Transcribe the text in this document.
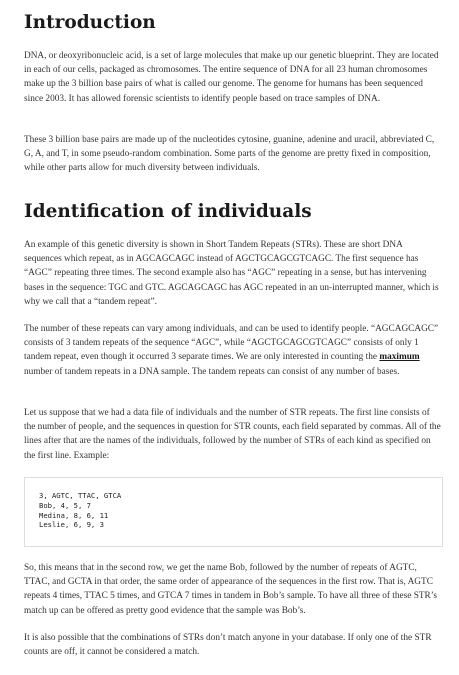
Introduction

DNA, or deoxyribonucleic acid, is a set of large molecules that make up our genetic blueprint. They are located in each of our cells, packaged as chromosomes. The entire sequence of DNA for all 23 human chromosomes make up the 3 billion base pairs of what is called our genome. The genome for humans has been sequenced since 2003. It has allowed forensic scientists to identify people based on trace samples of DNA.

These 3 billion base pairs are made up of the nucleotides cytosine, guanine, adenine and uracil, abbreviated C, G, A, and T, in some pseudo-random combination. Some parts of the genome are pretty fixed in composition, while other parts allow for much diversity between individuals.

Identification of individuals

An example of this genetic diversity is shown in Short Tandem Repeats (STRs). These are short DNA sequences which repeat, as in AGCAGCAGC instead of AGCTGCAGCGTCAGC. The first sequence has “AGC” repeating three times. The second example also has “AGC” repeating in a sense, but has intervening bases in the sequence: TGC and GTC. AGCAGCAGC has AGC repeated in an un-interrupted manner, which is why we call that a “tandem repeat”.

The number of these repeats can vary among individuals, and can be used to identify people. “AGCAGCAGC” consists of 3 tandem repeats of the sequence “AGC”, while “AGCTGCAGCGTCAGC” consists of only 1 tandem repeat, even though it occurred 3 separate times. We are only interested in counting the maximum number of tandem repeats in a DNA sample. The tandem repeats can consist of any number of bases.

Let us suppose that we had a data file of individuals and the number of STR repeats. The first line consists of the number of people, and the sequences in question for STR counts, each field separated by commas. All of the lines after that are the names of the individuals, followed by the number of STRs of each kind as specified on the first line. Example:

3, AGTC, TTAC, GTCA
Bob, 4, 5, 7
Medina, 8, 6, 11
Leslie, 6, 9, 3

So, this means that in the second row, we get the name Bob, followed by the number of repeats of AGTC, TTAC, and GCTA in that order, the same order of appearance of the sequences in the first row. That is, AGTC repeats 4 times, TTAC 5 times, and GTCA 7 times in tandem in Bob’s sample. To have all three of these STR’s match up can be offered as pretty good evidence that the sample was Bob’s.

It is also possible that the combinations of STRs don’t match anyone in your database. If only one of the STR counts are off, it cannot be considered a match.
